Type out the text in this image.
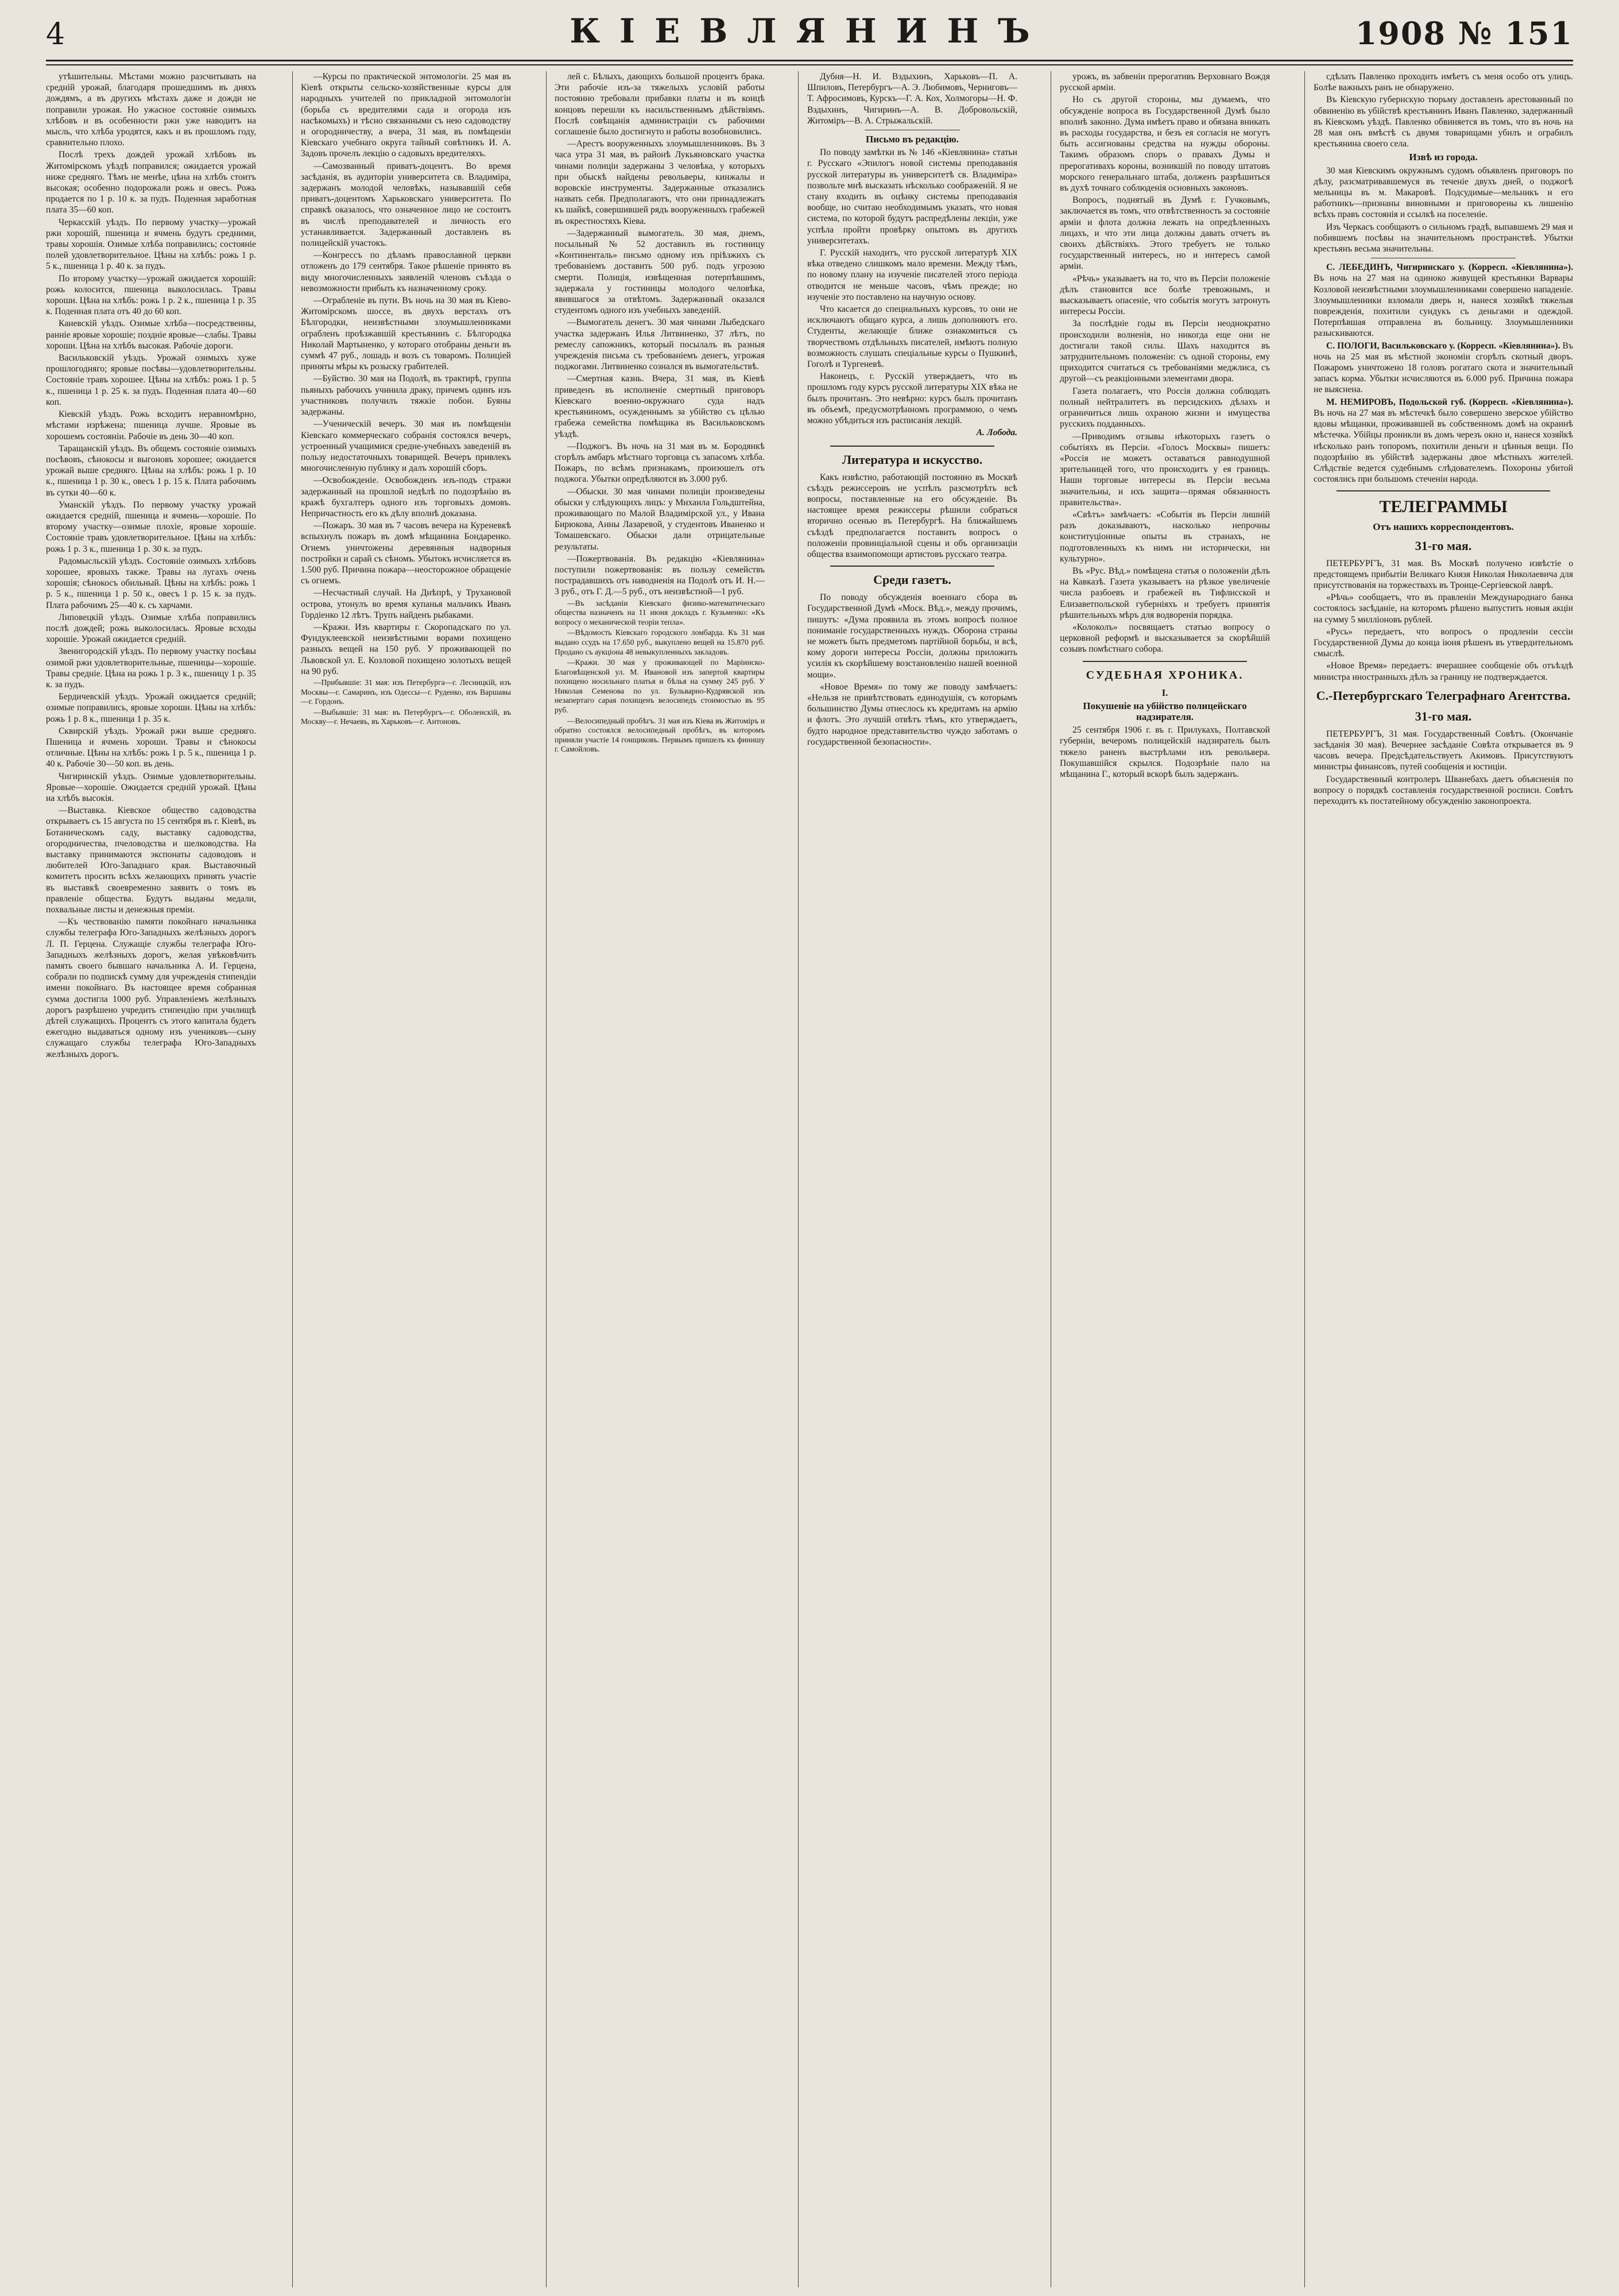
4	КІЕВЛЯНИНЪ	1908 № 151

утѣшительны. Мѣстами можно разсчитывать на средній урожай, благодаря прошедшимъ въ дняхъ дождямъ, а въ другихъ мѣстахъ даже и дожди не поправили урожая. Но ужасное состояніе озимыхъ хлѣбовъ и въ особенности ржи уже наводитъ на мысль, что хлѣба уродятся, какъ и въ прошломъ году, сравнительно плохо.

Послѣ трехъ дождей урожай хлѣбовъ въ Житомірскомъ уѣздѣ поправился; ожидается урожай ниже средняго. Тѣмъ не менѣе, цѣна на хлѣбъ стоитъ высокая; особенно подорожали рожь и овесъ. Рожь продается по 1 р. 10 к. за пудъ. Поденная заработная плата 35—60 коп.

Черкасскій уѣздъ. По первому участку—урожай ржи хорошій, пшеница и ячмень будутъ средними, травы хорошія. Озимые хлѣба поправились; состояніе полей удовлетворительное. Цѣны на хлѣбъ: рожь 1 р. 5 к., пшеница 1 р. 40 к. за пудъ.

По второму участку—урожай ожидается хорошій: рожь колосится, пшеница выколосилась. Травы хороши. Цѣна на хлѣбъ: рожь 1 р. 2 к., пшеница 1 р. 35 к. Поденная плата отъ 40 до 60 коп.

Каневскій уѣздъ. Озимые хлѣба—посредственны, ранніе яровые хорошіе; поздніе яровые—слабы. Травы хороши. Цѣна на хлѣбъ высокая. Рабочіе дороги.

Васильковскій уѣздъ. Урожай озимыхъ хуже прошлогодняго; яровые посѣвы—удовлетворительны. Состояніе травъ хорошее. Цѣны на хлѣбъ: рожь 1 р. 5 к., пшеница 1 р. 25 к. за пудъ. Поденная плата 40—60 коп.

Кіевскій уѣздъ. Рожь всходитъ неравномѣрно, мѣстами изрѣжена; пшеница лучше. Яровые въ хорошемъ состояніи. Рабочіе въ день 30—40 коп.

Таращанскій уѣздъ. Въ общемъ состояніе озимыхъ посѣвовъ, сѣнокосы и выгоновъ хорошее; ожидается урожай выше средняго. Цѣны на хлѣбъ: рожь 1 р. 10 к., пшеница 1 р. 30 к., овесъ 1 р. 15 к. Плата рабочимъ въ сутки 40—60 к.

Уманскій уѣздъ. По первому участку урожай ожидается средній, пшеница и ячмень—хорошіе. По второму участку—озимые плохіе, яровые хорошіе. Состояніе травъ удовлетворительное. Цѣны на хлѣбъ: рожь 1 р. 3 к., пшеница 1 р. 30 к. за пудъ.

Радомысльскій уѣздъ. Состояніе озимыхъ хлѣбовъ хорошее, яровыхъ также. Травы на лугахъ очень хорошія; сѣнокосъ обильный. Цѣны на хлѣбъ: рожь 1 р. 5 к., пшеница 1 р. 50 к., овесъ 1 р. 15 к. за пудъ. Плата рабочимъ 25—40 к. съ харчами.

Липовецкій уѣздъ. Озимые хлѣба поправились послѣ дождей; рожь выколосилась. Яровые всходы хорошіе. Урожай ожидается средній.

Звенигородскій уѣздъ. По первому участку посѣвы озимой ржи удовлетворительные, пшеницы—хорошіе. Травы средніе. Цѣна на рожь 1 р. 3 к., пшеницу 1 р. 35 к. за пудъ.

Бердичевскій уѣздъ. Урожай ожидается средній; озимые поправились, яровые хороши. Цѣны на хлѣбъ: рожь 1 р. 8 к., пшеница 1 р. 35 к.

Сквирскій уѣздъ. Урожай ржи выше средняго. Пшеница и ячмень хороши. Травы и сѣнокосы отличные. Цѣны на хлѣбъ: рожь 1 р. 5 к., пшеница 1 р. 40 к. Рабочіе 30—50 коп. въ день.

Чигиринскій уѣздъ. Озимые удовлетворительны. Яровые—хорошіе. Ожидается средній урожай. Цѣны на хлѣбъ высокія.

—Выставка. Кіевское общество садоводства открываетъ съ 15 августа по 15 сентября въ г. Кіевѣ, въ Ботаническомъ саду, выставку садоводства, огородничества, пчеловодства и шелководства. На выставку принимаются экспонаты садоводовъ и любителей Юго-Западнаго края. Выставочный комитетъ просить всѣхъ желающихъ принять участіе въ выставкѣ своевременно заявить о томъ въ правленіе общества. Будутъ выданы медали, похвальные листы и денежныя преміи.

—Къ чествованію памяти покойнаго начальника службы телеграфа Юго-Западныхъ желѣзныхъ дорогъ Л. П. Герцена. Служащіе службы телеграфа Юго-Западныхъ желѣзныхъ дорогъ, желая увѣковѣчить память своего бывшаго начальника А. И. Герцена, собрали по подпискѣ сумму для учрежденія стипендіи имени покойнаго. Въ настоящее время собранная сумма достигла 1000 руб. Управленіемъ желѣзныхъ дорогъ разрѣшено учредить стипендію при училищѣ дѣтей служащихъ. Процентъ съ этого капитала будетъ ежегодно выдаваться одному изъ учениковъ—сыну служащаго службы телеграфа Юго-Западныхъ желѣзныхъ дорогъ.

—Курсы по практической энтомологіи. 25 мая въ Кіевѣ открыты сельско-хозяйственные курсы для народныхъ учителей по прикладной энтомологіи (борьба съ вредителями сада и огорода изъ насѣкомыхъ) и тѣсно связанными съ нею садоводству и огородничеству, а вчера, 31 мая, въ помѣщеніи Кіевскаго учебнаго округа тайный совѣтникъ И. А. Задовъ прочелъ лекцію о садовыхъ вредителяхъ.

—Самозванный приватъ-доцентъ. Во время засѣданія, въ аудиторіи университета св. Владиміра, задержанъ молодой человѣкъ, называвшій себя приватъ-доцентомъ Харьковскаго университета. По справкѣ оказалось, что означенное лицо не состоитъ въ числѣ преподавателей и личность его устанавливается. Задержанный доставленъ въ полицейскій участокъ.

—Конгрессъ по дѣламъ православной церкви отложенъ до 179 сентября. Такое рѣшеніе принято въ виду многочисленныхъ заявленій членовъ съѣзда о невозможности прибыть къ назначенному сроку.

—Ограбленіе въ пути. Въ ночь на 30 мая въ Кіево-Житомірскомъ шоссе, въ двухъ верстахъ отъ Бѣлгородки, неизвѣстными злоумышленниками ограбленъ проѣзжавшій крестьянинъ с. Бѣлгородка Николай Мартыненко, у котораго отобраны деньги въ суммѣ 47 руб., лошадь и возъ съ товаромъ. Полиціей приняты мѣры къ розыску грабителей.

—Буйство. 30 мая на Подолѣ, въ трактирѣ, группа пьяныхъ рабочихъ учинила драку, причемъ одинъ изъ участниковъ получилъ тяжкіе побои. Буяны задержаны.

—Ученическій вечеръ. 30 мая въ помѣщеніи Кіевскаго коммерческаго собранія состоялся вечеръ, устроенный учащимися средне-учебныхъ заведеній въ пользу недостаточныхъ товарищей. Вечеръ привлекъ многочисленную публику и далъ хорошій сборъ.

—Освобожденіе. Освобожденъ изъ-подъ стражи задержанный на прошлой недѣлѣ по подозрѣнію въ кражѣ бухгалтеръ одного изъ торговыхъ домовъ. Непричастность его къ дѣлу вполнѣ доказана.

—Пожаръ. 30 мая въ 7 часовъ вечера на Куреневкѣ вспыхнулъ пожаръ въ домѣ мѣщанина Бондаренко. Огнемъ уничтожены деревянныя надворныя постройки и сарай съ сѣномъ. Убытокъ исчисляется въ 1.500 руб. Причина пожара—неосторожное обращеніе съ огнемъ.

—Несчастный случай. На Днѣпрѣ, у Трухановой острова, утонулъ во время купанья мальчикъ Иванъ Гордіенко 12 лѣтъ. Трупъ найденъ рыбаками.

—Кражи. Изъ квартиры г. Скоропадскаго по ул. Фундуклеевской неизвѣстными ворами похищено разныхъ вещей на 150 руб. У проживающей по Львовской ул. Е. Козловой похищено золотыхъ вещей на 90 руб.

—Прибывшіе: 31 мая: изъ Петербурга—г. Лесницкій, изъ Москвы—г. Самаринъ, изъ Одессы—г. Руденко, изъ Варшавы—г. Гордонъ.

—Выбывшіе: 31 мая: въ Петербургъ—г. Оболенскій, въ Москву—г. Нечаевъ, въ Харьковъ—г. Антоновъ.

лей с. Бѣлыхъ, дающихъ большой процентъ брака. Эти рабочіе изъ-за тяжелыхъ условій работы постоянно требовали прибавки платы и въ концѣ концовъ перешли къ насильственнымъ дѣйствіямъ. Послѣ совѣщанія администраціи съ рабочими соглашеніе было достигнуто и работы возобновились.

—Арестъ вооруженныхъ злоумышленниковъ. Въ 3 часа утра 31 мая, въ районѣ Лукьяновскаго участка чинами полиціи задержаны 3 человѣка, у которыхъ при обыскѣ найдены револьверы, кинжалы и воровскіе инструменты. Задержанные отказались назвать себя. Предполагаютъ, что они принадлежатъ къ шайкѣ, совершившей рядъ вооруженныхъ грабежей въ окрестностяхъ Кіева.

—Задержанный вымогатель. 30 мая, днемъ, посыльный № 52 доставилъ въ гостиницу «Континенталь» письмо одному изъ пріѣзжихъ съ требованіемъ доставить 500 руб. подъ угрозою смерти. Полиція, извѣщенная потерпѣвшимъ, задержала у гостиницы молодого человѣка, явившагося за отвѣтомъ. Задержанный оказался студентомъ одного изъ учебныхъ заведеній.

—Вымогатель денегъ. 30 мая чинами Лыбедскаго участка задержанъ Илья Литвиненко, 37 лѣтъ, по ремеслу сапожникъ, который посылалъ въ разныя учрежденія письма съ требованіемъ денегъ, угрожая поджогами. Литвиненко сознался въ вымогательствѣ.

—Смертная казнь. Вчера, 31 мая, въ Кіевѣ приведенъ въ исполненіе смертный приговоръ Кіевскаго военно-окружнаго суда надъ крестьяниномъ, осужденнымъ за убійство съ цѣлью грабежа семейства помѣщика въ Васильковскомъ уѣздѣ.

—Поджогъ. Въ ночь на 31 мая въ м. Бородянкѣ сгорѣлъ амбаръ мѣстнаго торговца съ запасомъ хлѣба. Пожаръ, по всѣмъ признакамъ, произошелъ отъ поджога. Убытки опредѣляются въ 3.000 руб.

—Обыски. 30 мая чинами полиціи произведены обыски у слѣдующихъ лицъ: у Михаила Гольдштейна, проживающаго по Малой Владимірской ул., у Ивана Бирюкова, Анны Лазаревой, у студентовъ Иваненко и Томашевскаго. Обыски дали отрицательные результаты.

—Пожертвованія. Въ редакцію «Кіевлянина» поступили пожертвованія: въ пользу семействъ пострадавшихъ отъ наводненія на Подолѣ отъ И. Н.—3 руб., отъ Г. Д.—5 руб., отъ неизвѣстной—1 руб.

—Въ засѣданіи Кіевскаго физико-математическаго общества назначенъ на 11 июня докладъ г. Кузьменко: «Къ вопросу о механической теоріи тепла».

—Вѣдомость Кіевскаго городского ломбарда. Къ 31 мая выдано ссудъ на 17.650 руб., выкуплено вещей на 15.870 руб. Продано съ аукціона 48 невыкупленныхъ закладовъ.

—Кражи. 30 мая у проживающей по Маріинско-Благовѣщенской ул. М. Ивановой изъ запертой квартиры похищено носильнаго платья и бѣлья на сумму 245 руб. У Николая Семенова по ул. Бульварно-Кудрявской изъ незапертаго сарая похищенъ велосипедъ стоимостью въ 95 руб.

—Велосипедный пробѣгъ. 31 мая изъ Кіева въ Житоміръ и обратно состоялся велосипедный пробѣгъ, въ которомъ приняли участіе 14 гонщиковъ. Первымъ пришелъ къ финишу г. Самойловъ.

Дубня—Н. И. Вздыхинъ, Харьковъ—П. А. Шпиловъ, Петербургъ—А. Э. Любимовъ, Черниговъ—Т. Афросимовъ, Курскъ—Г. А. Кох, Холмогоры—Н. Ф. Вздыхинъ, Чигиринъ—А. В. Добровольскій, Житоміръ—В. А. Стрыжальскій.

Письмо въ редакцію.

По поводу замѣтки въ № 146 «Кіевлянина» статьи г. Русскаго «Эпилогъ новой системы преподаванія русской литературы въ университетѣ св. Владиміра» позвольте мнѣ высказать нѣсколько соображеній. Я не стану входить въ оцѣнку системы преподаванія вообще, но считаю необходимымъ указать, что новая система, по которой будутъ распредѣлены лекціи, уже успѣла пройти провѣрку опытомъ въ другихъ университетахъ.

Г. Русскій находитъ, что русской литературѣ XIX вѣка отведено слишкомъ мало времени. Между тѣмъ, по новому плану на изученіе писателей этого періода отводится не меньше часовъ, чѣмъ прежде; но изученіе это поставлено на научную основу.

Что касается до специальныхъ курсовъ, то они не исключаютъ общаго курса, а лишь дополняютъ его. Студенты, желающіе ближе ознакомиться съ творчествомъ отдѣльныхъ писателей, имѣютъ полную возможность слушать спеціальные курсы о Пушкинѣ, Гоголѣ и Тургеневѣ.

Наконецъ, г. Русскій утверждаетъ, что въ прошломъ году курсъ русской литературы XIX вѣка не былъ прочитанъ. Это невѣрно: курсъ былъ прочитанъ въ объемѣ, предусмотрѣнномъ программою, о чемъ можно убѣдиться изъ расписанія лекцій.

А. Лобода.
Литература и искусство.

Какъ извѣстно, работающій постоянно въ Москвѣ съѣздъ режиссеровъ не успѣлъ разсмотрѣть всѣ вопросы, поставленные на его обсужденіе. Въ настоящее время режиссеры рѣшили собраться вторично осенью въ Петербургѣ. На ближайшемъ съѣздѣ предполагается поставить вопросъ о положеніи провинціальной сцены и объ организаціи общества взаимопомощи артистовъ русскаго театра.

Среди газетъ.

По поводу обсужденія военнаго сбора въ Государственной Думѣ «Моск. Вѣд.», между прочимъ, пишутъ: «Дума проявила въ этомъ вопросѣ полное пониманіе государственныхъ нуждъ. Оборона страны не можетъ быть предметомъ партійной борьбы, и всѣ, кому дороги интересы Россіи, должны приложить усилія къ скорѣйшему возстановленію нашей военной мощи».

«Новое Время» по тому же поводу замѣчаетъ: «Нельзя не привѣтствовать единодушія, съ которымъ большинство Думы отнеслось къ кредитамъ на армію и флотъ. Это лучшій отвѣтъ тѣмъ, кто утверждаетъ, будто народное представительство чуждо заботамъ о государственной безопасности».

урожъ, въ забвеніи прерогативъ Верховнаго Вождя русской арміи.

Но съ другой стороны, мы думаемъ, что обсужденіе вопроса въ Государственной Думѣ было вполнѣ законно. Дума имѣетъ право и обязана вникать въ расходы государства, и безъ ея согласія не могутъ быть ассигнованы средства на нужды обороны. Такимъ образомъ споръ о правахъ Думы и прерогативахъ короны, возникшій по поводу штатовъ морского генеральнаго штаба, долженъ разрѣшиться въ духѣ точнаго соблюденія основныхъ законовъ.

Вопросъ, поднятый въ Думѣ г. Гучковымъ, заключается въ томъ, что отвѣтственность за состояніе арміи и флота должна лежать на опредѣленныхъ лицахъ, и что эти лица должны давать отчетъ въ своихъ дѣйствіяхъ. Этого требуетъ не только государственный интересъ, но и интересъ самой арміи.

«Рѣчь» указываетъ на то, что въ Персіи положеніе дѣлъ становится все болѣе тревожнымъ, и высказываетъ опасеніе, что событія могутъ затронуть интересы Россіи.

За послѣдніе годы въ Персіи неоднократно происходили волненія, но никогда еще они не достигали такой силы. Шахъ находится въ затруднительномъ положеніи: съ одной стороны, ему приходится считаться съ требованіями меджлиса, съ другой—съ реакціонными элементами двора.

Газета полагаетъ, что Россія должна соблюдать полный нейтралитетъ въ персидскихъ дѣлахъ и ограничиться лишь охраною жизни и имущества русскихъ подданныхъ.

—Приводимъ отзывы нѣкоторыхъ газетъ о событіяхъ въ Персіи. «Голосъ Москвы» пишетъ: «Россія не можетъ оставаться равнодушной зрительницей того, что происходитъ у ея границъ. Наши торговые интересы въ Персіи весьма значительны, и ихъ защита—прямая обязанность правительства».

«Свѣтъ» замѣчаетъ: «Событія въ Персіи лишній разъ доказываютъ, насколько непрочны конституціонные опыты въ странахъ, не подготовленныхъ къ нимъ ни исторически, ни культурно».

Въ «Рус. Вѣд.» помѣщена статья о положеніи дѣлъ на Кавказѣ. Газета указываетъ на рѣзкое увеличеніе числа разбоевъ и грабежей въ Тифлисской и Елизаветпольской губерніяхъ и требуетъ принятія рѣшительныхъ мѣръ для водворенія порядка.

«Колоколъ» посвящаетъ статью вопросу о церковной реформѣ и высказывается за скорѣйшій созывъ помѣстнаго собора.

СУДЕБНАЯ ХРОНИКА.
I.
Покушеніе на убійство полицейскаго надзирателя.

25 сентября 1906 г. въ г. Прилукахъ, Полтавской губерніи, вечеромъ полицейскій надзиратель былъ тяжело раненъ выстрѣлами изъ револьвера. Покушавшійся скрылся. Подозрѣніе пало на мѣщанина Г., который вскорѣ былъ задержанъ.

сдѣлать Павленко проходить имѣетъ съ меня особо отъ улицъ. Болѣе важныхъ ранъ не обнаружено.

Въ Кіевскую губернскую тюрьму доставленъ арестованный по обвиненію въ убійствѣ крестьянинъ Иванъ Павленко, задержанный въ Кіевскомъ уѣздѣ. Павленко обвиняется въ томъ, что въ ночь на 28 мая онъ вмѣстѣ съ двумя товарищами убилъ и ограбилъ крестьянина своего села.

Извѣ из города.

30 мая Кіевскимъ окружнымъ судомъ объявленъ приговоръ по дѣлу, разсматривавшемуся въ теченіе двухъ дней, о поджогѣ мельницы въ м. Макаровѣ. Подсудимые—мельникъ и его работникъ—признаны виновными и приговорены къ лишенію всѣхъ правъ состоянія и ссылкѣ на поселеніе.

Изъ Черкасъ сообщаютъ о сильномъ градѣ, выпавшемъ 29 мая и побившемъ посѣвы на значительномъ пространствѣ. Убытки крестьянъ весьма значительны.

С. ЛЕБЕДИНЪ, Чигиринскаго у. (Корресп. «Кіевлянина»). Въ ночь на 27 мая на одиноко живущей крестьянки Варвары Козловой неизвѣстными злоумышленниками совершено нападеніе. Злоумышленники взломали дверь и, нанеся хозяйкѣ тяжелыя поврежденія, похитили сундукъ съ деньгами и одеждой. Потерпѣвшая отправлена въ больницу. Злоумышленники разыскиваются.

С. ПОЛОГИ, Васильковскаго у. (Корресп. «Кіевлянина»). Въ ночь на 25 мая въ мѣстной экономіи сгорѣлъ скотный дворъ. Пожаромъ уничтожено 18 головъ рогатаго скота и значительный запасъ корма. Убытки исчисляются въ 6.000 руб. Причина пожара не выяснена.

М. НЕМИРОВЪ, Подольской губ. (Корресп. «Кіевлянина»). Въ ночь на 27 мая въ мѣстечкѣ было совершено зверское убійство вдовы мѣщанки, проживавшей въ собственномъ домѣ на окраинѣ мѣстечка. Убійцы проникли въ домъ черезъ окно и, нанеся хозяйкѣ нѣсколько ранъ топоромъ, похитили деньги и цѣнныя вещи. По подозрѣнію въ убійствѣ задержаны двое мѣстныхъ жителей. Слѣдствіе ведется судебнымъ слѣдователемъ. Похороны убитой состоялись при большомъ стеченіи народа.

ТЕЛЕГРАММЫ
Отъ нашихъ корреспондентовъ.
31-го мая.

ПЕТЕРБУРГЪ, 31 мая. Въ Москвѣ получено извѣстіе о предстоящемъ прибытіи Великаго Князя Николая Николаевича для присутствованія на торжествахъ въ Троице-Сергіевской лаврѣ.

«Рѣчь» сообщаетъ, что въ правленіи Международнаго банка состоялось засѣданіе, на которомъ рѣшено выпустить новыя акціи на сумму 5 милліоновъ рублей.

«Русь» передаетъ, что вопросъ о продленіи сессіи Государственной Думы до конца іюня рѣшенъ въ утвердительномъ смыслѣ.

«Новое Время» передаетъ: вчерашнее сообщеніе объ отъѣздѣ министра иностранныхъ дѣлъ за границу не подтверждается.

С.-Петербургскаго Телеграфнаго Агентства.
31-го мая.

ПЕТЕРБУРГЪ, 31 мая. Государственный Совѣтъ. (Окончаніе засѣданія 30 мая). Вечернее засѣданіе Совѣта открывается въ 9 часовъ вечера. Предсѣдательствуетъ Акимовъ. Присутствуютъ министры финансовъ, путей сообщенія и юстиціи.

Государственный контролеръ Шванебахъ даетъ объясненія по вопросу о порядкѣ составленія государственной росписи. Совѣтъ переходитъ къ постатейному обсужденію законопроекта.
